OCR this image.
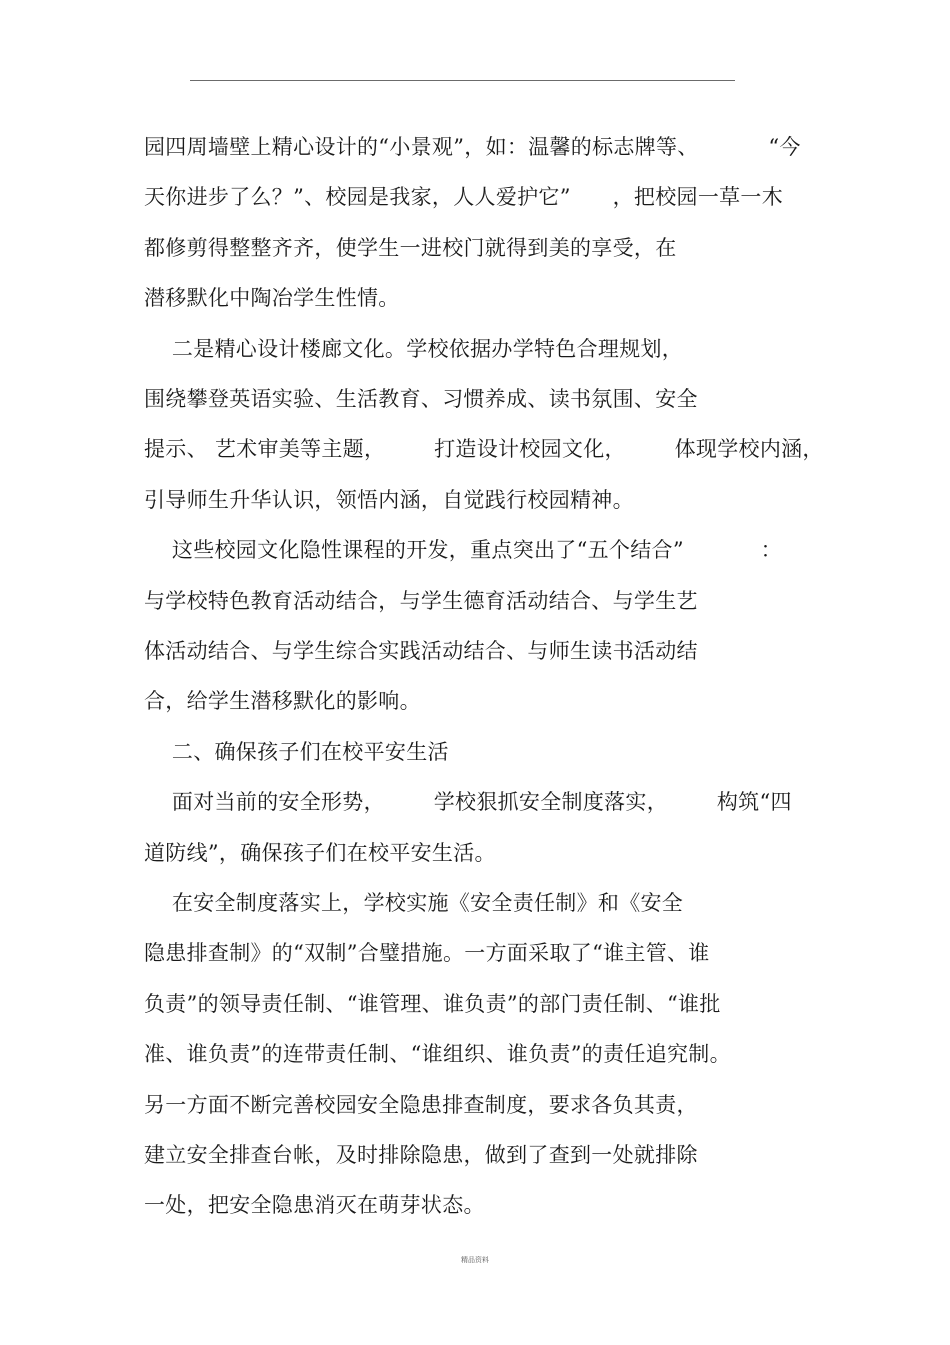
园四周墙壁上精心设计的“小景观”，如：温馨的标志牌等、          “今
天你进步了么？”、校园是我家，人人爱护它”      ，把校园一草一木
都修剪得整整齐齐，使学生一进校门就得到美的享受，在
潜移默化中陶冶学生性情。
二是精心设计楼廊文化。学校依据办学特色合理规划，
围绕攀登英语实验、生活教育、习惯养成、读书氛围、安全
提示、 艺术审美等主题，       打造设计校园文化，       体现学校内涵，
引导师生升华认识，领悟内涵，自觉践行校园精神。
这些校园文化隐性课程的开发，重点突出了“五个结合”           ：
与学校特色教育活动结合，与学生德育活动结合、与学生艺
体活动结合、与学生综合实践活动结合、与师生读书活动结
合，给学生潜移默化的影响。
二、确保孩子们在校平安生活
面对当前的安全形势，       学校狠抓安全制度落实，       构筑“四
道防线”，确保孩子们在校平安生活。
在安全制度落实上，学校实施《安全责任制》和《安全
隐患排查制》的“双制”合璧措施。一方面采取了“谁主管、谁
负责”的领导责任制、“谁管理、谁负责”的部门责任制、“谁批
准、谁负责”的连带责任制、“谁组织、谁负责”的责任追究制。
另一方面不断完善校园安全隐患排查制度，要求各负其责，
建立安全排查台帐，及时排除隐患，做到了查到一处就排除
一处，把安全隐患消灭在萌芽状态。
精品资料
